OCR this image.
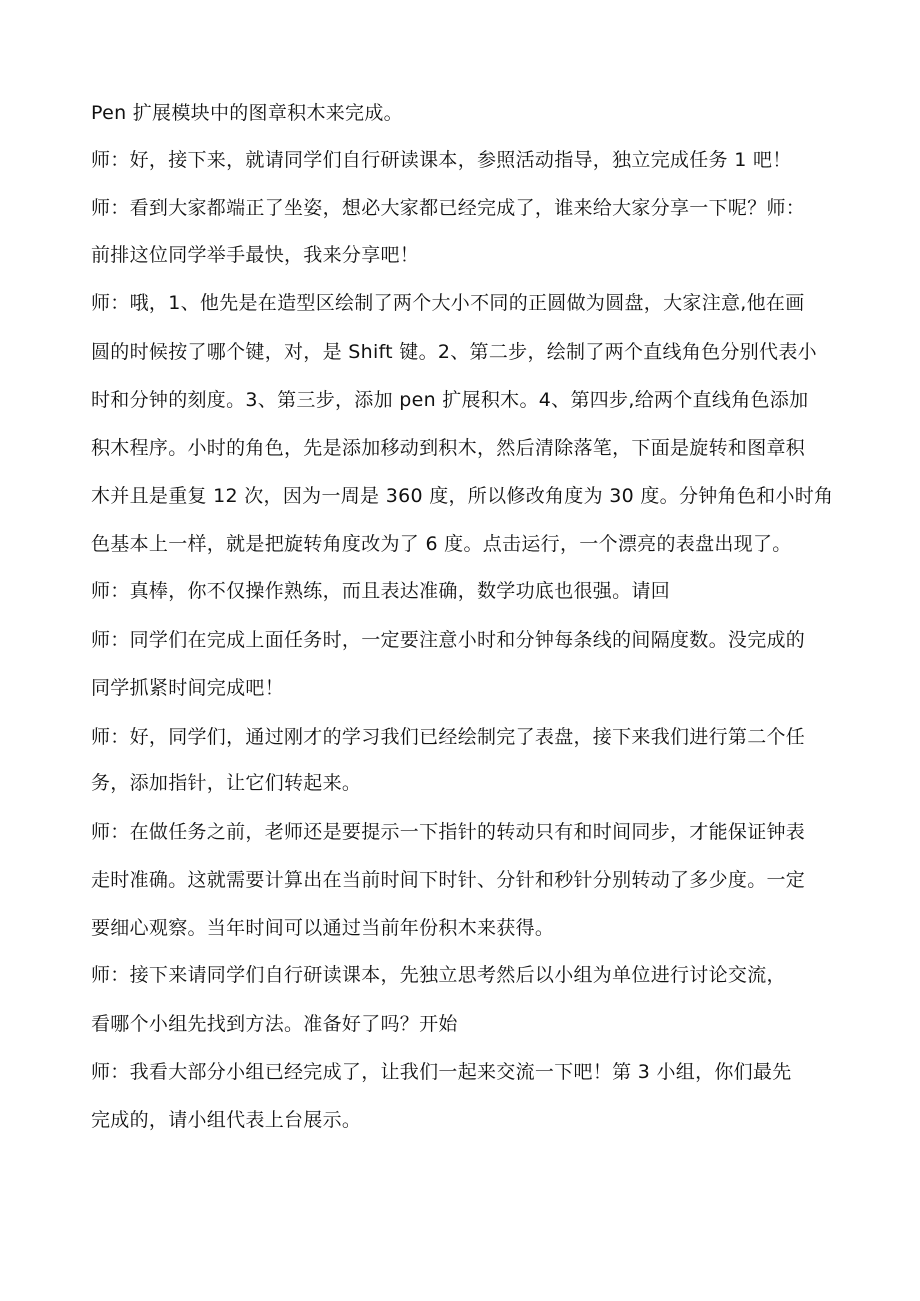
Pen 扩展模块中的图章积木来完成。
师：好，接下来，就请同学们自行研读课本，参照活动指导，独立完成任务 1 吧！
师：看到大家都端正了坐姿，想必大家都已经完成了，谁来给大家分享一下呢？师：
前排这位同学举手最快，我来分享吧！
师：哦，1、他先是在造型区绘制了两个大小不同的正圆做为圆盘，大家注意,他在画
圆的时候按了哪个键，对，是 Shift 键。2、第二步，绘制了两个直线角色分别代表小
时和分钟的刻度。3、第三步，添加 pen 扩展积木。4、第四步,给两个直线角色添加
积木程序。小时的角色，先是添加移动到积木，然后清除落笔，下面是旋转和图章积
木并且是重复 12 次，因为一周是 360 度，所以修改角度为 30 度。分钟角色和小时角
色基本上一样，就是把旋转角度改为了 6 度。点击运行，一个漂亮的表盘出现了。
师：真棒，你不仅操作熟练，而且表达准确，数学功底也很强。请回
师：同学们在完成上面任务时，一定要注意小时和分钟每条线的间隔度数。没完成的
同学抓紧时间完成吧！
师：好，同学们，通过刚才的学习我们已经绘制完了表盘，接下来我们进行第二个任
务，添加指针，让它们转起来。
师：在做任务之前，老师还是要提示一下指针的转动只有和时间同步，才能保证钟表
走时准确。这就需要计算出在当前时间下时针、分针和秒针分别转动了多少度。一定
要细心观察。当年时间可以通过当前年份积木来获得。
师：接下来请同学们自行研读课本，先独立思考然后以小组为单位进行讨论交流，
看哪个小组先找到方法。准备好了吗？开始
师：我看大部分小组已经完成了，让我们一起来交流一下吧！第 3 小组，你们最先
完成的，请小组代表上台展示。
